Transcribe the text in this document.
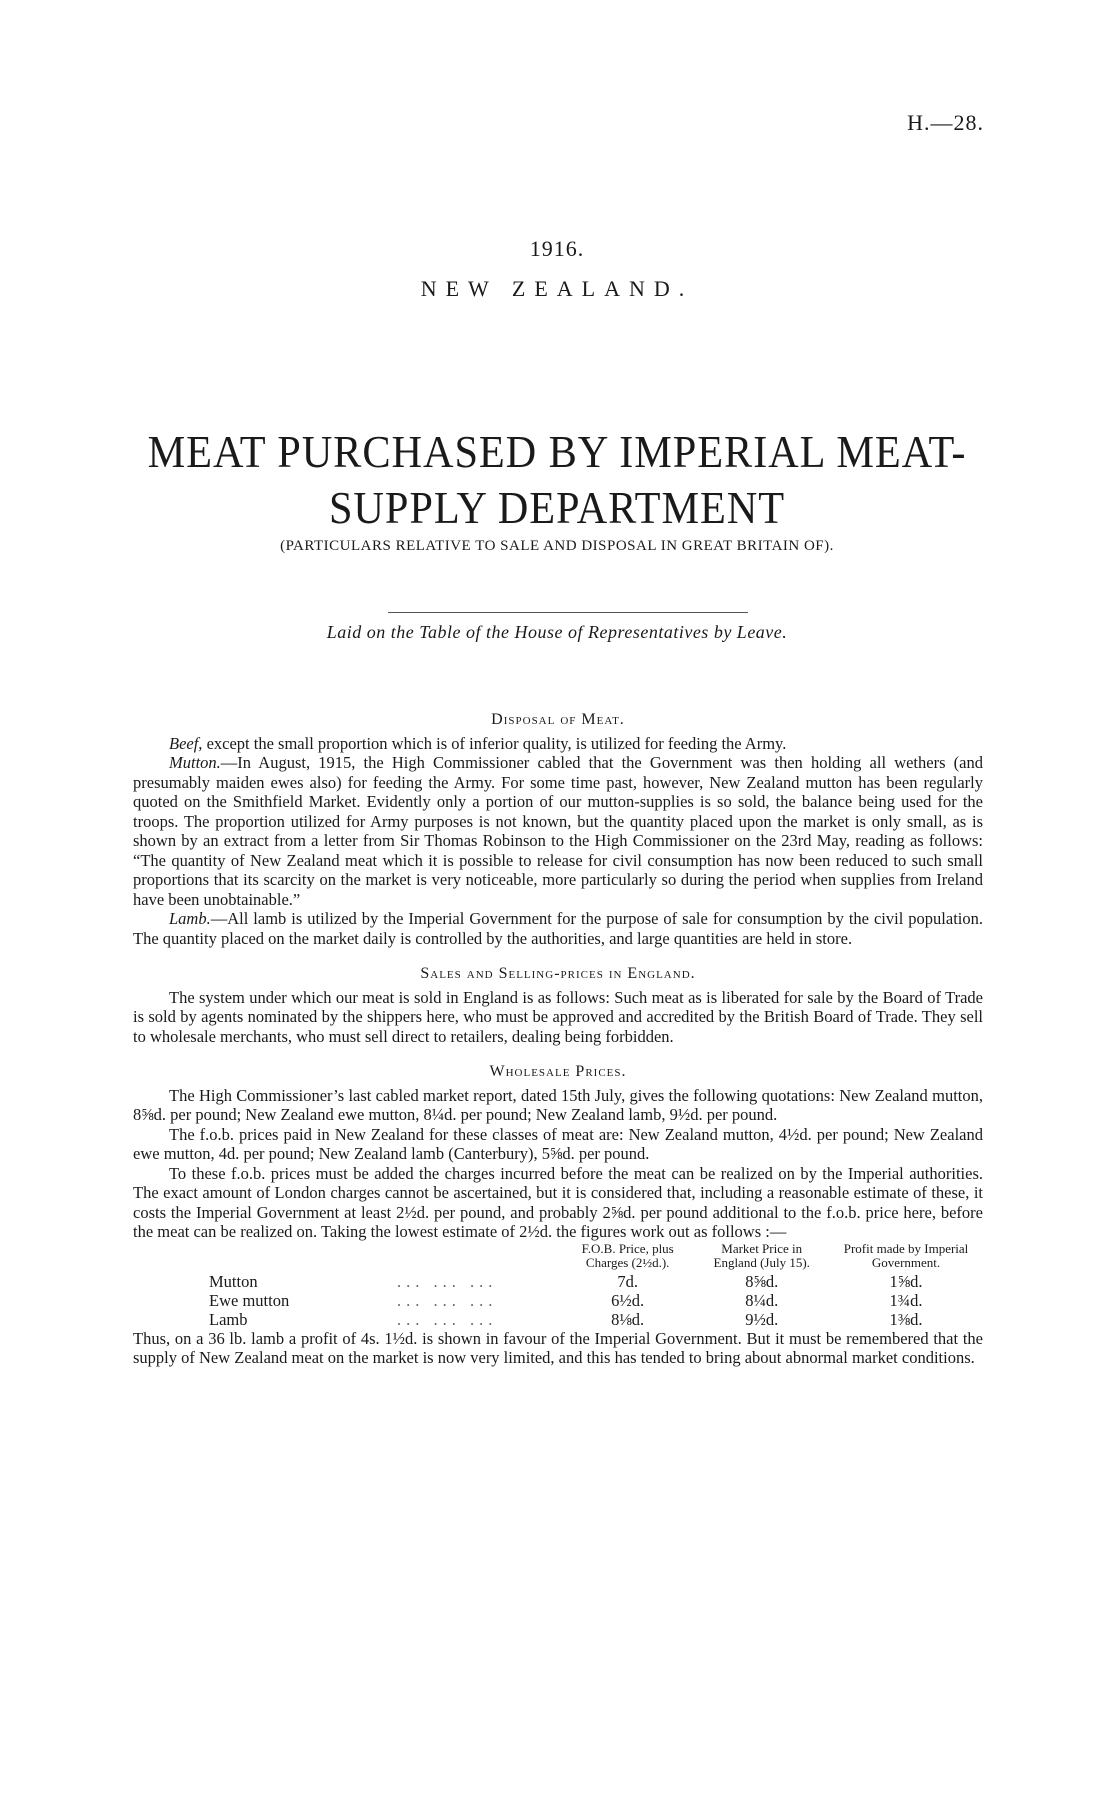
H.—28.
1916.
NEW ZEALAND.
MEAT PURCHASED BY IMPERIAL MEAT-SUPPLY DEPARTMENT
(PARTICULARS RELATIVE TO SALE AND DISPOSAL IN GREAT BRITAIN OF).
Laid on the Table of the House of Representatives by Leave.
Disposal of Meat.

Beef, except the small proportion which is of inferior quality, is utilized for feeding the Army.

Mutton.—In August, 1915, the High Commissioner cabled that the Government was then holding all wethers (and presumably maiden ewes also) for feeding the Army. For some time past, however, New Zealand mutton has been regularly quoted on the Smithfield Market. Evidently only a portion of our mutton-supplies is so sold, the balance being used for the troops. The proportion utilized for Army purposes is not known, but the quantity placed upon the market is only small, as is shown by an extract from a letter from Sir Thomas Robinson to the High Commissioner on the 23rd May, reading as follows: “The quantity of New Zealand meat which it is possible to release for civil consumption has now been reduced to such small proportions that its scarcity on the market is very noticeable, more particularly so during the period when supplies from Ireland have been unobtainable.”

Lamb.—All lamb is utilized by the Imperial Government for the purpose of sale for consumption by the civil population. The quantity placed on the market daily is controlled by the authorities, and large quantities are held in store.

Sales and Selling-prices in England.

The system under which our meat is sold in England is as follows: Such meat as is liberated for sale by the Board of Trade is sold by agents nominated by the shippers here, who must be approved and accredited by the British Board of Trade. They sell to wholesale merchants, who must sell direct to retailers, dealing being forbidden.

Wholesale Prices.

The High Commissioner’s last cabled market report, dated 15th July, gives the following quotations: New Zealand mutton, 8⅝d. per pound; New Zealand ewe mutton, 8¼d. per pound; New Zealand lamb, 9½d. per pound.

The f.o.b. prices paid in New Zealand for these classes of meat are: New Zealand mutton, 4½d. per pound; New Zealand ewe mutton, 4d. per pound; New Zealand lamb (Canterbury), 5⅝d. per pound.

To these f.o.b. prices must be added the charges incurred before the meat can be realized on by the Imperial authorities. The exact amount of London charges cannot be ascertained, but it is considered that, including a reasonable estimate of these, it costs the Imperial Government at least 2½d. per pound, and probably 2⅝d. per pound additional to the f.o.b. price here, before the meat can be realized on. Taking the lowest estimate of 2½d. the figures work out as follows :—

		F.O.B. Price, plus Charges (2½d.).	Market Price in England (July 15).	Profit made by Imperial Government.
Mutton	... ... ...	7d.	8⅝d.	1⅝d.
Ewe mutton	... ... ...	6½d.	8¼d.	1¾d.
Lamb	... ... ...	8⅛d.	9½d.	1⅜d.

Thus, on a 36 lb. lamb a profit of 4s. 1½d. is shown in favour of the Imperial Government. But it must be remembered that the supply of New Zealand meat on the market is now very limited, and this has tended to bring about abnormal market conditions.
